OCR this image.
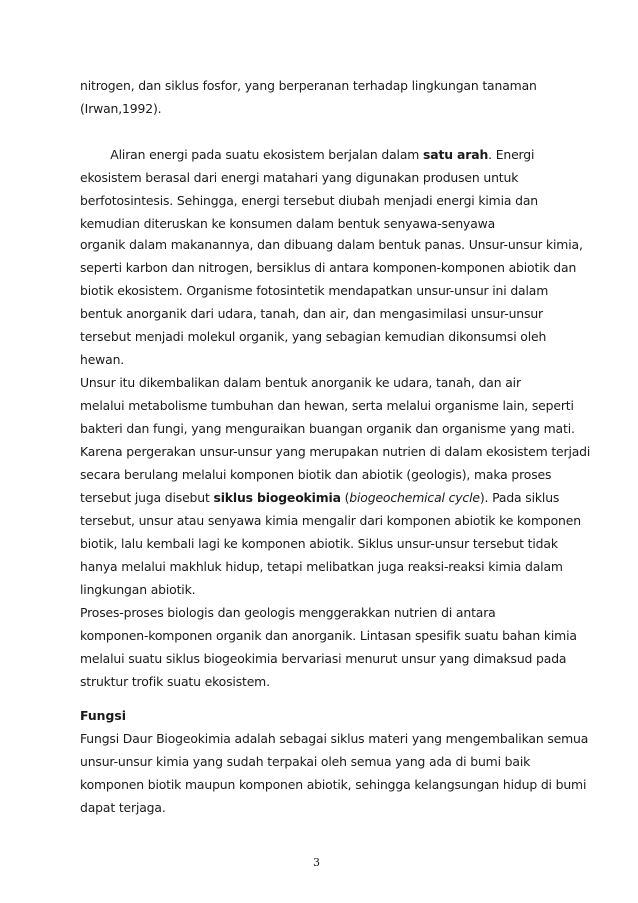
nitrogen, dan siklus fosfor, yang berperanan terhadap lingkungan tanaman
(Irwan,1992).
Aliran energi pada suatu ekosistem berjalan dalam satu arah. Energi
ekosistem berasal dari energi matahari yang digunakan produsen untuk
berfotosintesis. Sehingga, energi tersebut diubah menjadi energi kimia dan
kemudian diteruskan ke konsumen dalam bentuk senyawa-senyawa
organik dalam makanannya, dan dibuang dalam bentuk panas. Unsur-unsur kimia,
seperti karbon dan nitrogen, bersiklus di antara komponen-komponen abiotik dan
biotik ekosistem. Organisme fotosintetik mendapatkan unsur-unsur ini dalam
bentuk anorganik dari udara, tanah, dan air, dan mengasimilasi unsur-unsur
tersebut menjadi molekul organik, yang sebagian kemudian dikonsumsi oleh
hewan.
Unsur itu dikembalikan dalam bentuk anorganik ke udara, tanah, dan air
melalui metabolisme tumbuhan dan hewan, serta melalui organisme lain, seperti
bakteri dan fungi, yang menguraikan buangan organik dan organisme yang mati.
Karena pergerakan unsur-unsur yang merupakan nutrien di dalam ekosistem terjadi
secara berulang melalui komponen biotik dan abiotik (geologis), maka proses
tersebut juga disebut siklus biogeokimia (biogeochemical cycle). Pada siklus
tersebut, unsur atau senyawa kimia mengalir dari komponen abiotik ke komponen
biotik, lalu kembali lagi ke komponen abiotik. Siklus unsur-unsur tersebut tidak
hanya melalui makhluk hidup, tetapi melibatkan juga reaksi-reaksi kimia dalam
lingkungan abiotik.
Proses-proses biologis dan geologis menggerakkan nutrien di antara
komponen-komponen organik dan anorganik. Lintasan spesifik suatu bahan kimia
melalui suatu siklus biogeokimia bervariasi menurut unsur yang dimaksud pada
struktur trofik suatu ekosistem.
Fungsi
Fungsi Daur Biogeokimia adalah sebagai siklus materi yang mengembalikan semua
unsur-unsur kimia yang sudah terpakai oleh semua yang ada di bumi baik
komponen biotik maupun komponen abiotik, sehingga kelangsungan hidup di bumi
dapat terjaga.
3
